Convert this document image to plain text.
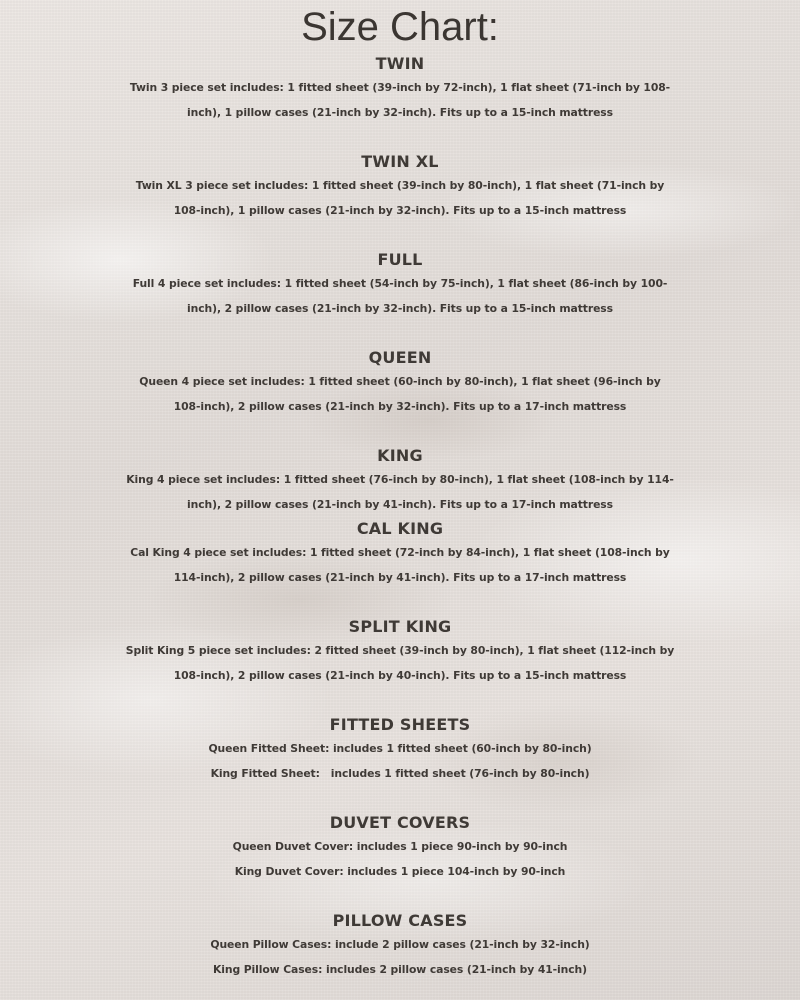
Size Chart:
TWIN
Twin 3 piece set includes: 1 fitted sheet (39-inch by 72-inch), 1 flat sheet (71-inch by 108-
inch), 1 pillow cases (21-inch by 32-inch). Fits up to a 15-inch mattress
TWIN XL
Twin XL 3 piece set includes: 1 fitted sheet (39-inch by 80-inch), 1 flat sheet (71-inch by
108-inch), 1 pillow cases (21-inch by 32-inch). Fits up to a 15-inch mattress
FULL
Full 4 piece set includes: 1 fitted sheet (54-inch by 75-inch), 1 flat sheet (86-inch by 100-
inch), 2 pillow cases (21-inch by 32-inch). Fits up to a 15-inch mattress
QUEEN
Queen 4 piece set includes: 1 fitted sheet (60-inch by 80-inch), 1 flat sheet (96-inch by
108-inch), 2 pillow cases (21-inch by 32-inch). Fits up to a 17-inch mattress
KING
King 4 piece set includes: 1 fitted sheet (76-inch by 80-inch), 1 flat sheet (108-inch by 114-
inch), 2 pillow cases (21-inch by 41-inch). Fits up to a 17-inch mattress
CAL KING
Cal King 4 piece set includes: 1 fitted sheet (72-inch by 84-inch), 1 flat sheet (108-inch by
114-inch), 2 pillow cases (21-inch by 41-inch). Fits up to a 17-inch mattress
SPLIT KING
Split King 5 piece set includes: 2 fitted sheet (39-inch by 80-inch), 1 flat sheet (112-inch by
108-inch), 2 pillow cases (21-inch by 40-inch). Fits up to a 15-inch mattress
FITTED SHEETS
Queen Fitted Sheet: includes 1 fitted sheet (60-inch by 80-inch)
King Fitted Sheet:   includes 1 fitted sheet (76-inch by 80-inch)
DUVET COVERS
Queen Duvet Cover: includes 1 piece 90-inch by 90-inch
King Duvet Cover: includes 1 piece 104-inch by 90-inch
PILLOW CASES
Queen Pillow Cases: include 2 pillow cases (21-inch by 32-inch)
King Pillow Cases: includes 2 pillow cases (21-inch by 41-inch)
